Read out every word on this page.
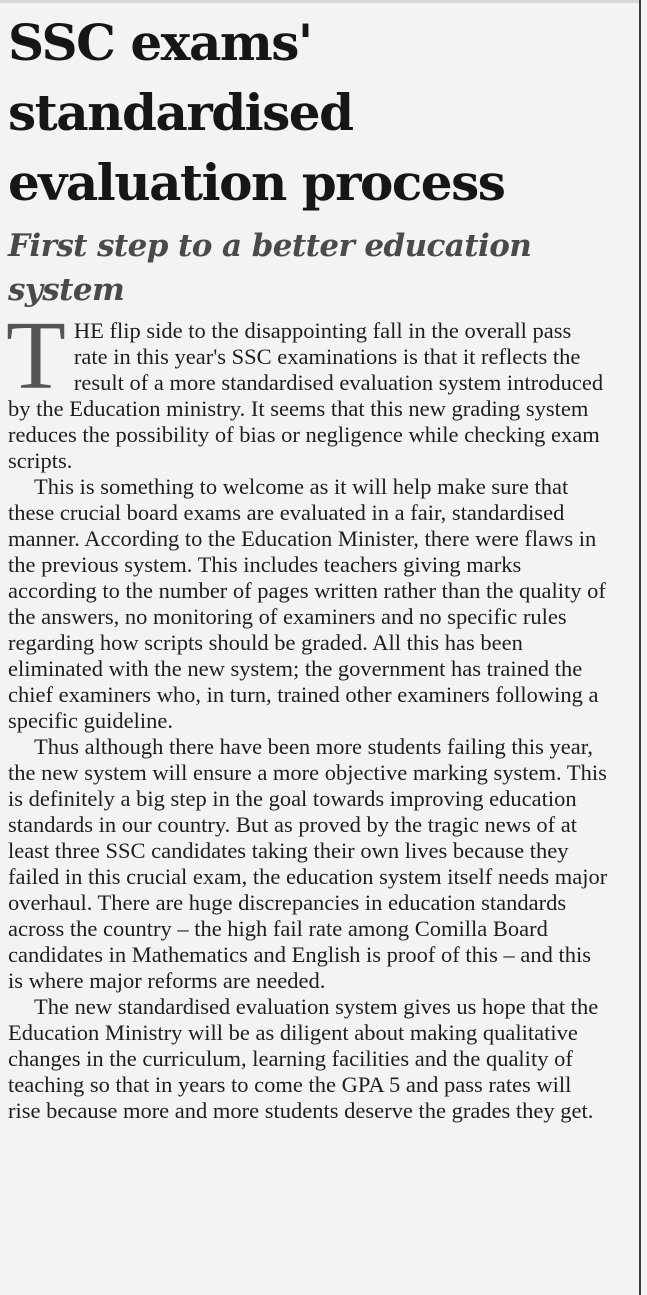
SSC exams' standardised evaluation process
First step to a better education system

THE flip side to the disappointing fall in the overall pass rate in this year's SSC examinations is that it reflects the result of a more standardised evaluation system introduced by the Education ministry. It seems that this new grading system reduces the possibility of bias or negligence while checking exam scripts.

This is something to welcome as it will help make sure that these crucial board exams are evaluated in a fair, standardised manner. According to the Education Minister, there were flaws in the previous system. This includes teachers giving marks according to the number of pages written rather than the quality of the answers, no monitoring of examiners and no specific rules regarding how scripts should be graded. All this has been eliminated with the new system; the government has trained the chief examiners who, in turn, trained other examiners following a specific guideline.

Thus although there have been more students failing this year, the new system will ensure a more objective marking system. This is definitely a big step in the goal towards improving education standards in our country. But as proved by the tragic news of at least three SSC candidates taking their own lives because they failed in this crucial exam, the education system itself needs major overhaul. There are huge discrepancies in education standards across the country – the high fail rate among Comilla Board candidates in Mathematics and English is proof of this – and this is where major reforms are needed.

The new standardised evaluation system gives us hope that the Education Ministry will be as diligent about making qualitative changes in the curriculum, learning facilities and the quality of teaching so that in years to come the GPA 5 and pass rates will rise because more and more students deserve the grades they get.
